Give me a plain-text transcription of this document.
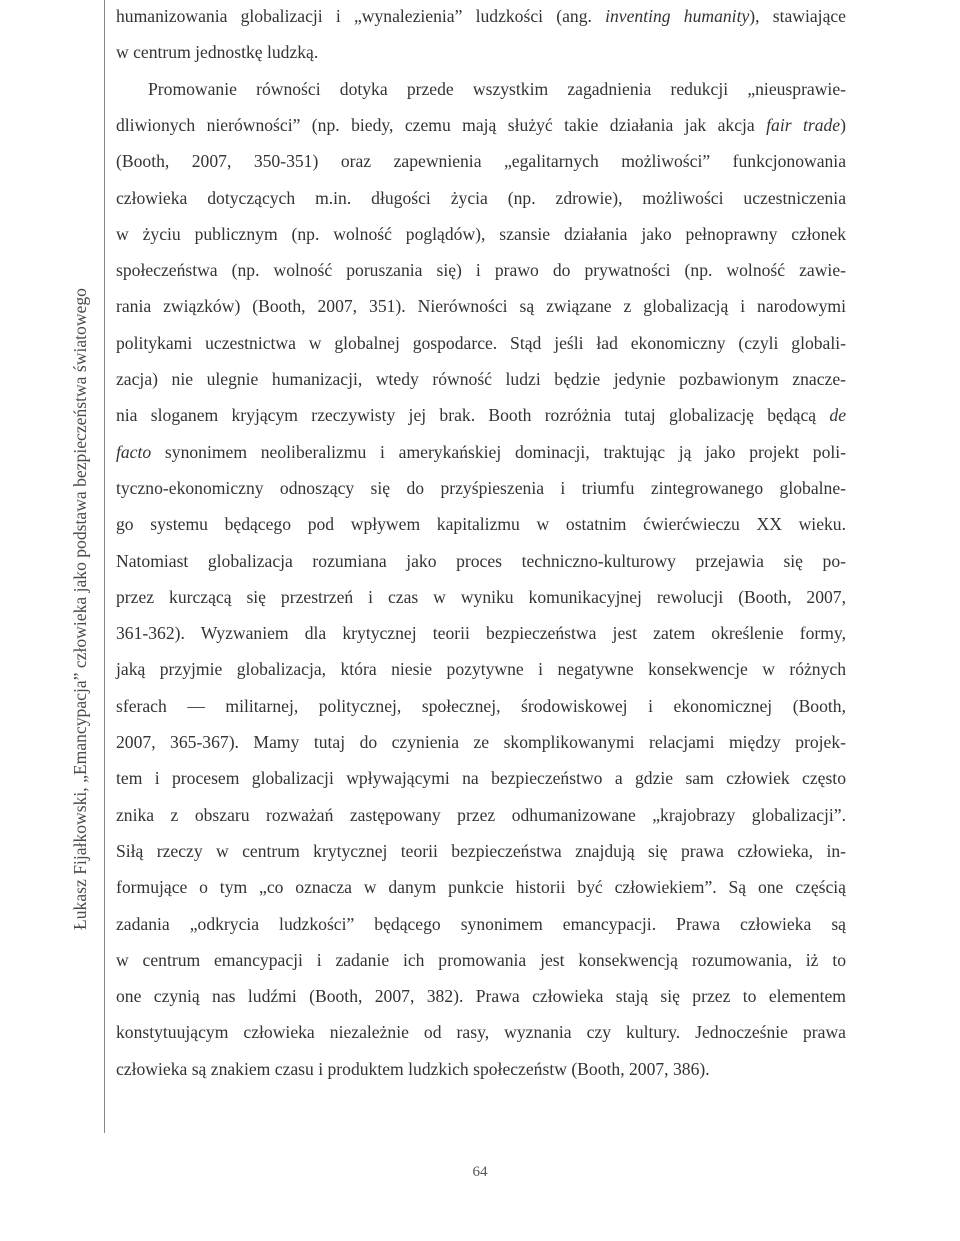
Łukasz Fijałkowski, „Emancypacja” człowieka jako podstawa bezpieczeństwa światowego
humanizowania globalizacji i „wynalezienia” ludzkości (ang. inventing humanity), stawiające
w centrum jednostkę ludzką.
Promowanie równości dotyka przede wszystkim zagadnienia redukcji „nieusprawie-
dliwionych nierówności” (np. biedy, czemu mają służyć takie działania jak akcja fair trade)
(Booth, 2007, 350-351) oraz zapewnienia „egalitarnych możliwości” funkcjonowania
człowieka dotyczących m.in. długości życia (np. zdrowie), możliwości uczestniczenia
w życiu publicznym (np. wolność poglądów), szansie działania jako pełnoprawny członek
społeczeństwa (np. wolność poruszania się) i prawo do prywatności (np. wolność zawie-
rania związków) (Booth, 2007, 351). Nierówności są związane z globalizacją i narodowymi
politykami uczestnictwa w globalnej gospodarce. Stąd jeśli ład ekonomiczny (czyli globali-
zacja) nie ulegnie humanizacji, wtedy równość ludzi będzie jedynie pozbawionym znacze-
nia sloganem kryjącym rzeczywisty jej brak. Booth rozróżnia tutaj globalizację będącą de
facto synonimem neoliberalizmu i amerykańskiej dominacji, traktując ją jako projekt poli-
tyczno-ekonomiczny odnoszący się do przyśpieszenia i triumfu zintegrowanego globalne-
go systemu będącego pod wpływem kapitalizmu w ostatnim ćwierćwieczu XX wieku.
Natomiast globalizacja rozumiana jako proces techniczno-kulturowy przejawia się po-
przez kurczącą się przestrzeń i czas w wyniku komunikacyjnej rewolucji (Booth, 2007,
361-362). Wyzwaniem dla krytycznej teorii bezpieczeństwa jest zatem określenie formy,
jaką przyjmie globalizacja, która niesie pozytywne i negatywne konsekwencje w różnych
sferach — militarnej, politycznej, społecznej, środowiskowej i ekonomicznej (Booth,
2007, 365-367). Mamy tutaj do czynienia ze skomplikowanymi relacjami między projek-
tem i procesem globalizacji wpływającymi na bezpieczeństwo a gdzie sam człowiek często
znika z obszaru rozważań zastępowany przez odhumanizowane „krajobrazy globalizacji”.
Siłą rzeczy w centrum krytycznej teorii bezpieczeństwa znajdują się prawa człowieka, in-
formujące o tym „co oznacza w danym punkcie historii być człowiekiem”. Są one częścią
zadania „odkrycia ludzkości” będącego synonimem emancypacji. Prawa człowieka są
w centrum emancypacji i zadanie ich promowania jest konsekwencją rozumowania, iż to
one czynią nas ludźmi (Booth, 2007, 382). Prawa człowieka stają się przez to elementem
konstytuującym człowieka niezależnie od rasy, wyznania czy kultury. Jednocześnie prawa
człowieka są znakiem czasu i produktem ludzkich społeczeństw (Booth, 2007, 386).
64
